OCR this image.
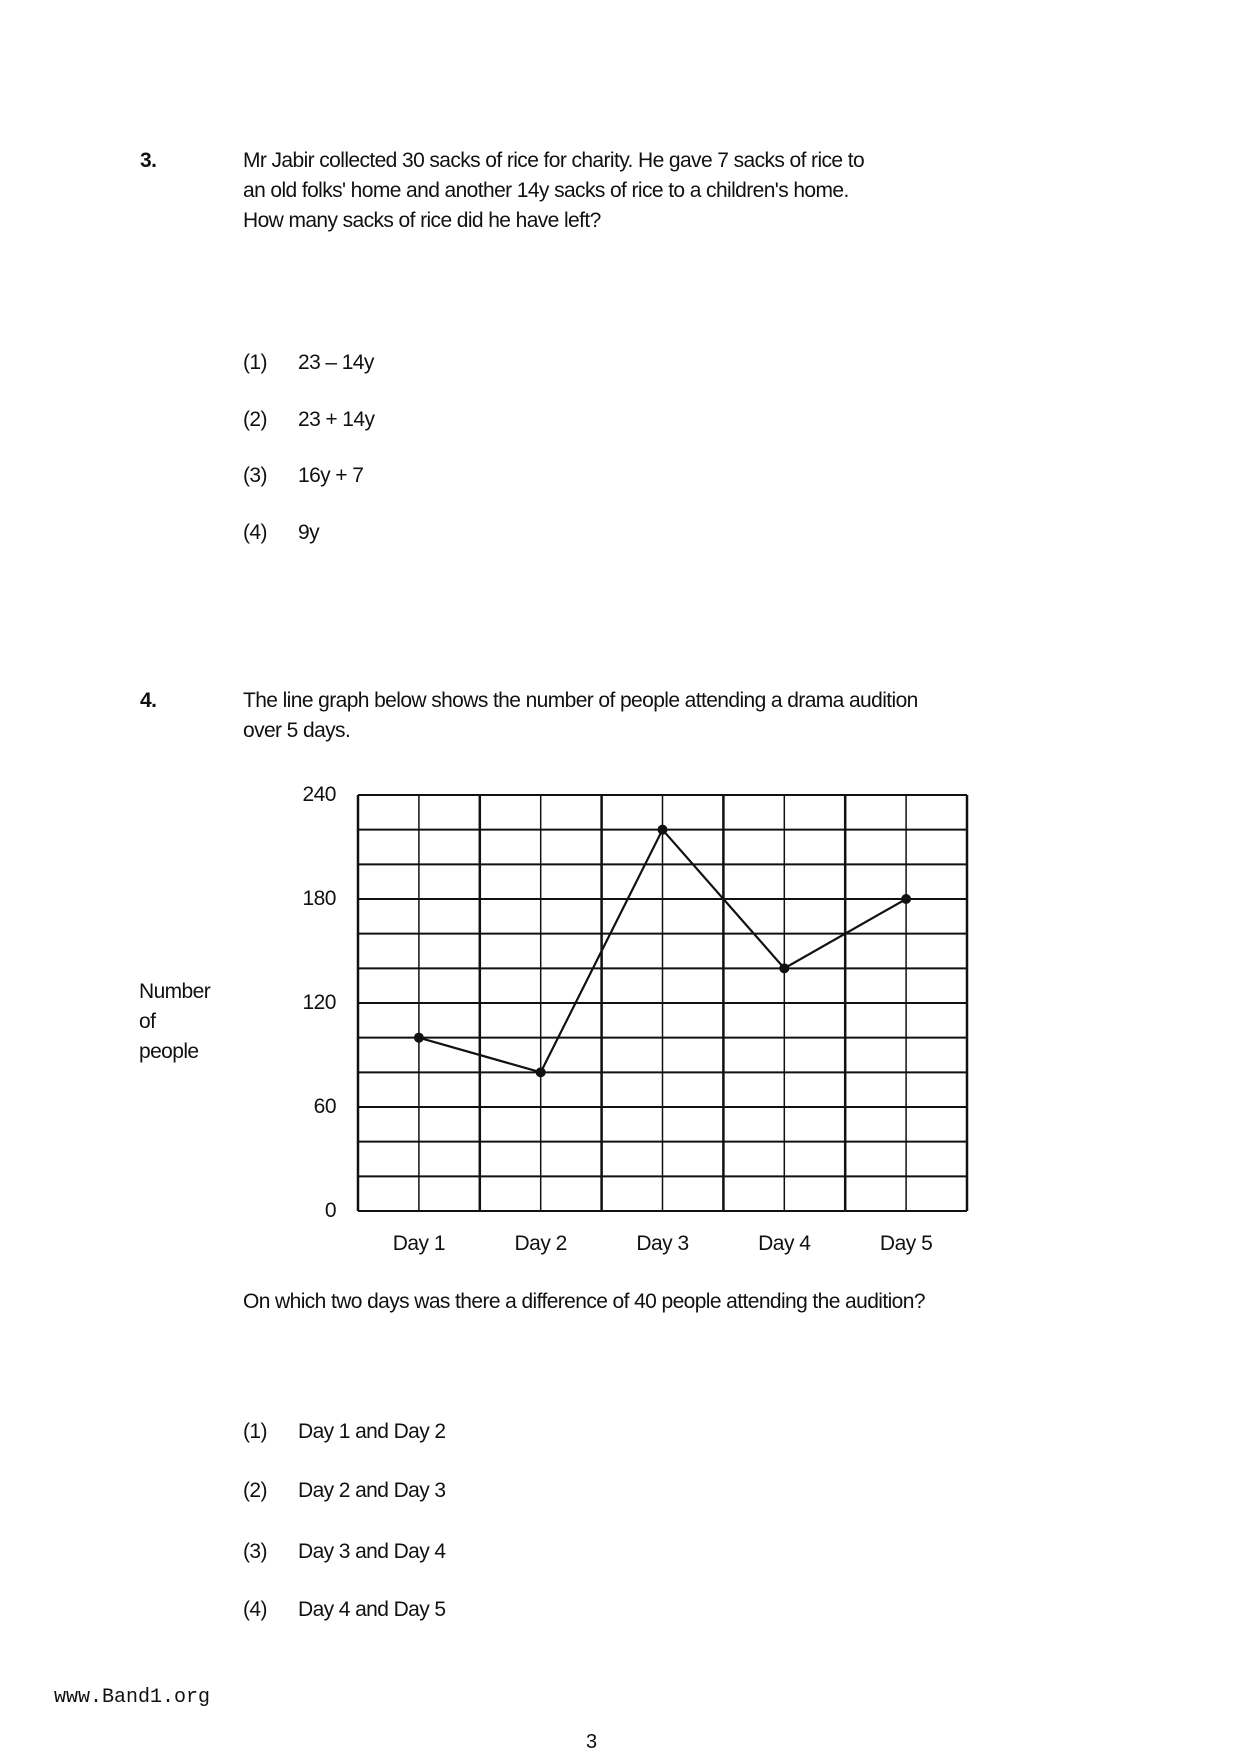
3.	Mr Jabir collected 30 sacks of rice for charity. He gave 7 sacks of rice to
an old folks' home and another 14y sacks of rice to a children's home.
How many sacks of rice did he have left?
(1) 23 – 14y
(2) 23 + 14y
(3) 16y + 7
(4) 9y
4.	The line graph below shows the number of people attending a drama audition
over 5 days.
Number
of
people
0
60
120
180
240
Day 1	Day 2	Day 3	Day 4	Day 5
On which two days was there a difference of 40 people attending the audition?
(1) Day 1 and Day 2
(2) Day 2 and Day 3
(3) Day 3 and Day 4
(4) Day 4 and Day 5
www.Band1.org
3
